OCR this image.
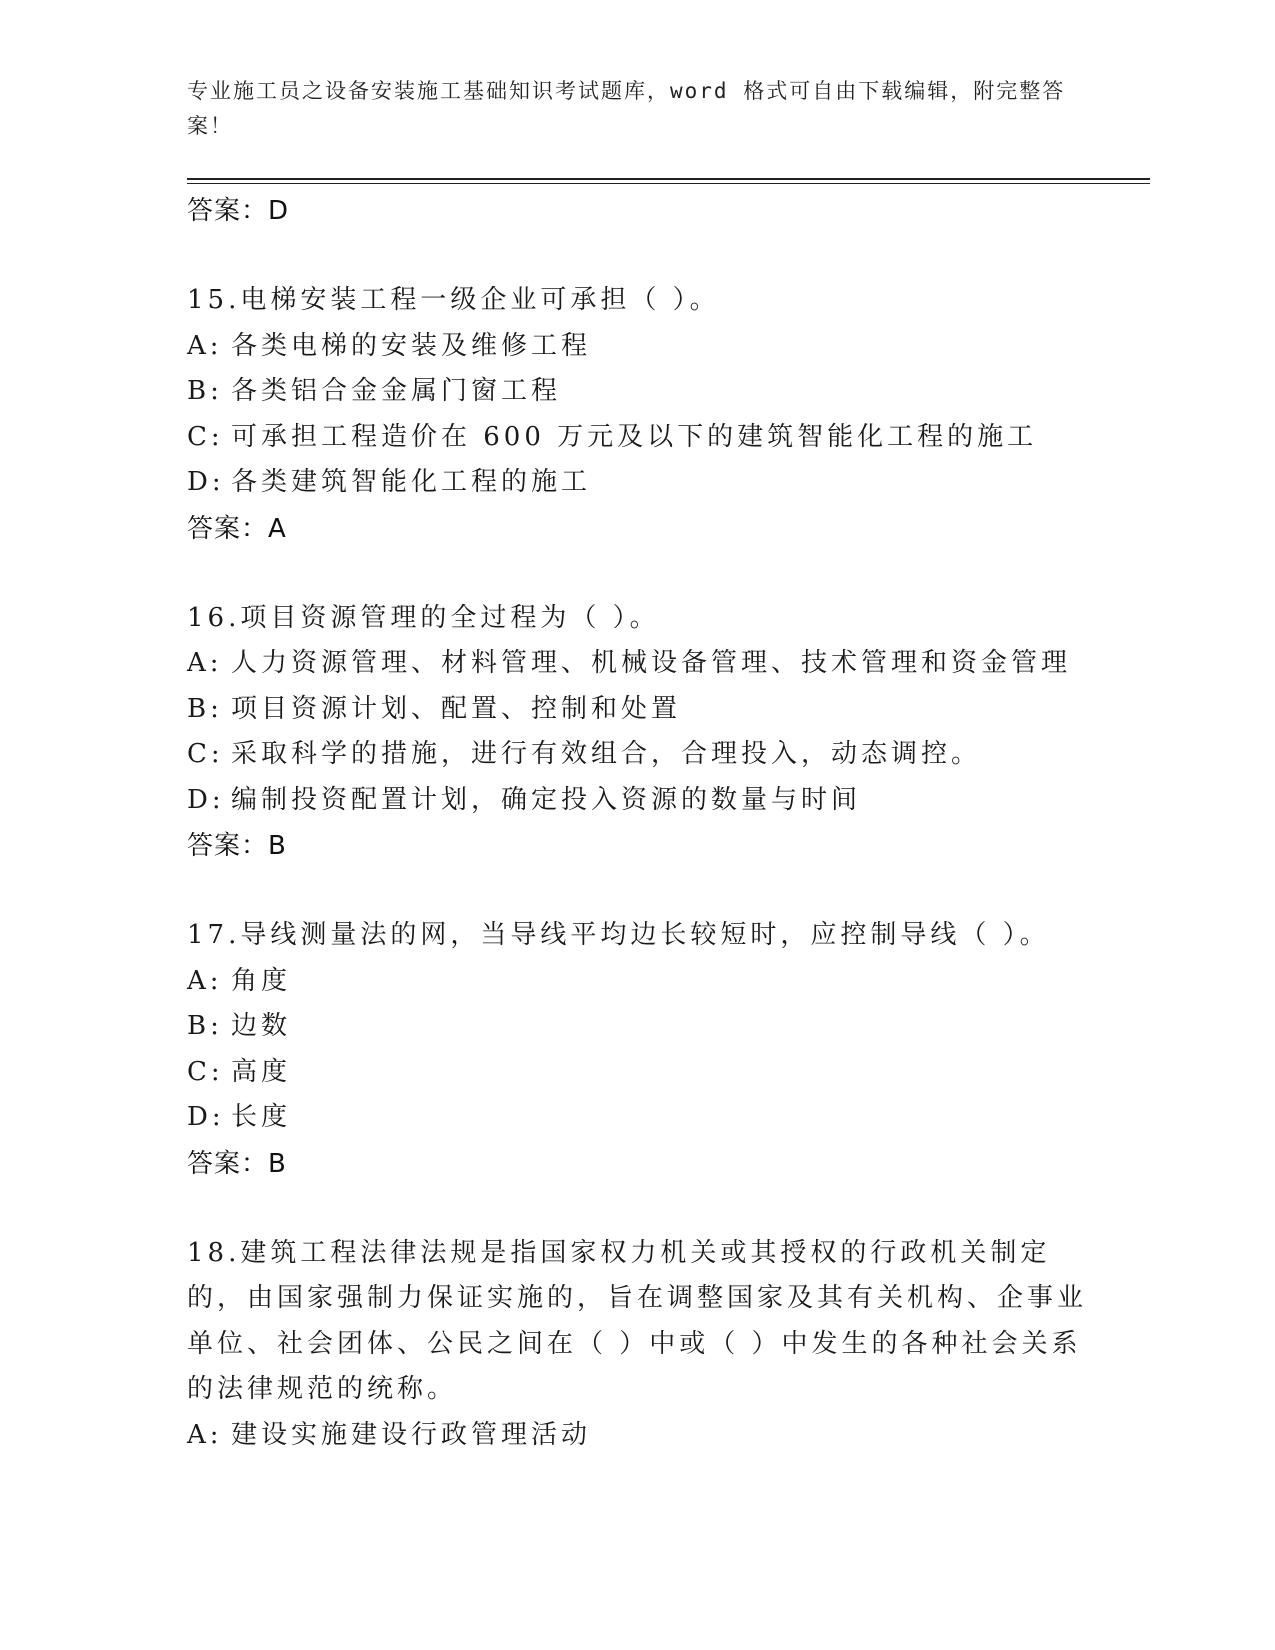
专业施工员之设备安装施工基础知识考试题库，word 格式可自由下载编辑，附完整答案！
答案：D
15.电梯安装工程一级企业可承担（ ）。
A: 各类电梯的安装及维修工程
B: 各类铝合金金属门窗工程
C: 可承担工程造价在 600 万元及以下的建筑智能化工程的施工
D: 各类建筑智能化工程的施工
答案：A
16.项目资源管理的全过程为（ ）。
A: 人力资源管理、材料管理、机械设备管理、技术管理和资金管理
B: 项目资源计划、配置、控制和处置
C: 采取科学的措施，进行有效组合，合理投入，动态调控。
D: 编制投资配置计划，确定投入资源的数量与时间
答案：B
17.导线测量法的网，当导线平均边长较短时，应控制导线（ ）。
A: 角度
B: 边数
C: 高度
D: 长度
答案：B
18.建筑工程法律法规是指国家权力机关或其授权的行政机关制定的，由国家强制力保证实施的，旨在调整国家及其有关机构、企事业单位、社会团体、公民之间在（ ）中或（ ）中发生的各种社会关系的法律规范的统称。
A: 建设实施建设行政管理活动
